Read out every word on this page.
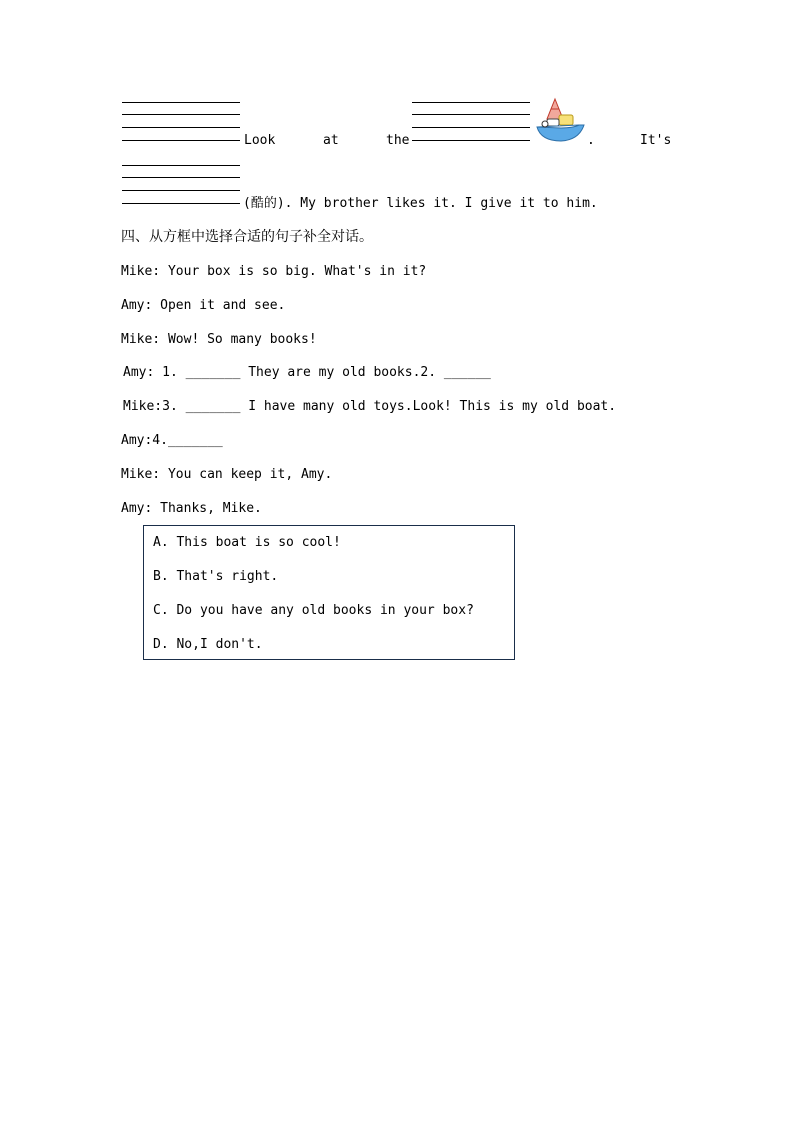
Look	at	the	.	It's
(酷的). My brother likes it. I give it to him.
四、从方框中选择合适的句子补全对话。
Mike: Your box is so big. What's in it?
Amy: Open it and see.
Mike: Wow! So many books!
Amy: 1. _______ They are my old books.2. ______
Mike:3. _______ I have many old toys.Look! This is my old boat.
Amy:4._______
Mike: You can keep it, Amy.
Amy: Thanks, Mike.
A. This boat is so cool!
B. That's right.
C. Do you have any old books in your box?
D. No,I don't.
